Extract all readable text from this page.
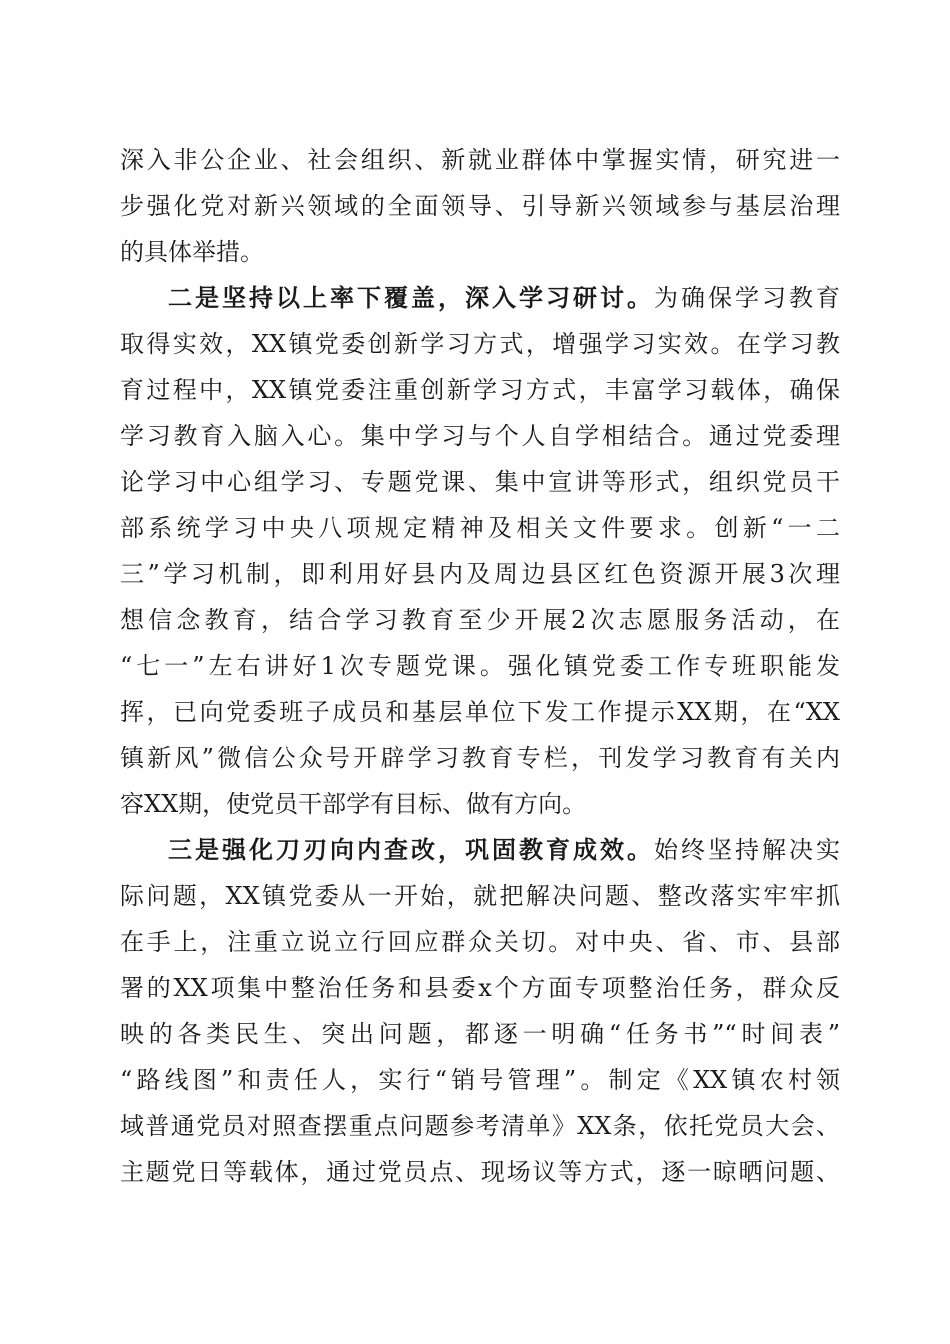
深入非公企业、社会组织、新就业群体中掌握实情，研究进一
步强化党对新兴领域的全面领导、引导新兴领域参与基层治理
的具体举措。
二是坚持以上率下覆盖，深入学习研讨。为确保学习教育
取得实效，XX镇党委创新学习方式，增强学习实效。在学习教
育过程中，XX镇党委注重创新学习方式，丰富学习载体，确保
学习教育入脑入心。集中学习与个人自学相结合。通过党委理
论学习中心组学习、专题党课、集中宣讲等形式，组织党员干
部系统学习中央八项规定精神及相关文件要求。创新“一二
三”学习机制，即利用好县内及周边县区红色资源开展3次理
想信念教育，结合学习教育至少开展2次志愿服务活动，在
“七一”左右讲好1次专题党课。强化镇党委工作专班职能发
挥，已向党委班子成员和基层单位下发工作提示XX期，在“XX
镇新风”微信公众号开辟学习教育专栏，刊发学习教育有关内
容XX期，使党员干部学有目标、做有方向。
三是强化刀刃向内查改，巩固教育成效。始终坚持解决实
际问题，XX镇党委从一开始，就把解决问题、整改落实牢牢抓
在手上，注重立说立行回应群众关切。对中央、省、市、县部
署的XX项集中整治任务和县委x个方面专项整治任务，群众反
映的各类民生、突出问题，都逐一明确“任务书”“时间表”
“路线图”和责任人，实行“销号管理”。制定《XX镇农村领
域普通党员对照查摆重点问题参考清单》XX条，依托党员大会、
主题党日等载体，通过党员点、现场议等方式，逐一晾晒问题、
